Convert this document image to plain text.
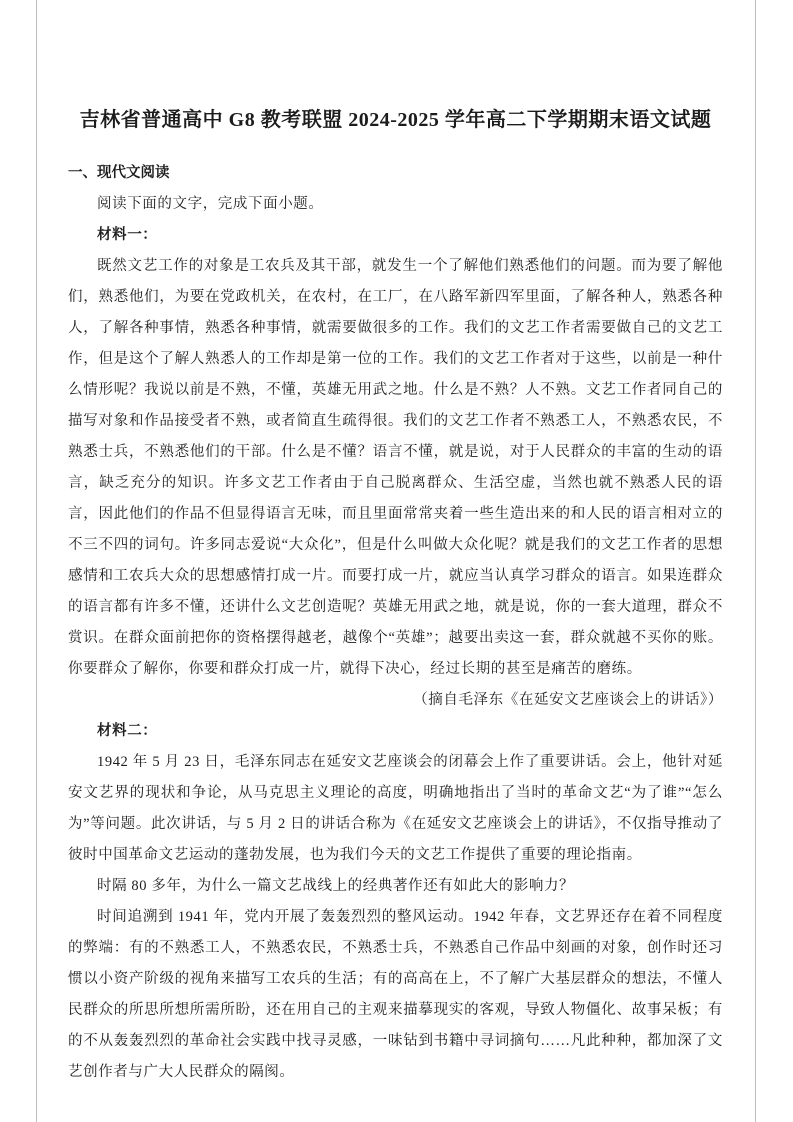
吉林省普通高中 G8 教考联盟 2024-2025 学年高二下学期期末语文试题
一、现代文阅读

阅读下面的文字，完成下面小题。

材料一：

既然文艺工作的对象是工农兵及其干部，就发生一个了解他们熟悉他们的问题。而为要了解他们，熟悉他们，为要在党政机关，在农村，在工厂，在八路军新四军里面，了解各种人，熟悉各种人，了解各种事情，熟悉各种事情，就需要做很多的工作。我们的文艺工作者需要做自己的文艺工作，但是这个了解人熟悉人的工作却是第一位的工作。我们的文艺工作者对于这些，以前是一种什么情形呢？我说以前是不熟，不懂，英雄无用武之地。什么是不熟？人不熟。文艺工作者同自己的描写对象和作品接受者不熟，或者简直生疏得很。我们的文艺工作者不熟悉工人，不熟悉农民，不熟悉士兵，不熟悉他们的干部。什么是不懂？语言不懂，就是说，对于人民群众的丰富的生动的语言，缺乏充分的知识。许多文艺工作者由于自己脱离群众、生活空虚，当然也就不熟悉人民的语言，因此他们的作品不但显得语言无味，而且里面常常夹着一些生造出来的和人民的语言相对立的不三不四的词句。许多同志爱说“大众化”，但是什么叫做大众化呢？就是我们的文艺工作者的思想感情和工农兵大众的思想感情打成一片。而要打成一片，就应当认真学习群众的语言。如果连群众的语言都有许多不懂，还讲什么文艺创造呢？英雄无用武之地，就是说，你的一套大道理，群众不赏识。在群众面前把你的资格摆得越老，越像个“英雄”；越要出卖这一套，群众就越不买你的账。你要群众了解你，你要和群众打成一片，就得下决心，经过长期的甚至是痛苦的磨练。

（摘自毛泽东《在延安文艺座谈会上的讲话》）

材料二：

1942 年 5 月 23 日，毛泽东同志在延安文艺座谈会的闭幕会上作了重要讲话。会上，他针对延安文艺界的现状和争论，从马克思主义理论的高度，明确地指出了当时的革命文艺“为了谁”“怎么为”等问题。此次讲话，与 5 月 2 日的讲话合称为《在延安文艺座谈会上的讲话》，不仅指导推动了彼时中国革命文艺运动的蓬勃发展，也为我们今天的文艺工作提供了重要的理论指南。

时隔 80 多年，为什么一篇文艺战线上的经典著作还有如此大的影响力？

时间追溯到 1941 年，党内开展了轰轰烈烈的整风运动。1942 年春，文艺界还存在着不同程度的弊端：有的不熟悉工人，不熟悉农民，不熟悉士兵，不熟悉自己作品中刻画的对象，创作时还习惯以小资产阶级的视角来描写工农兵的生活；有的高高在上，不了解广大基层群众的想法，不懂人民群众的所思所想所需所盼，还在用自己的主观来描摹现实的客观，导致人物僵化、故事呆板；有的不从轰轰烈烈的革命社会实践中找寻灵感，一味钻到书籍中寻词摘句……凡此种种，都加深了文艺创作者与广大人民群众的隔阂。
